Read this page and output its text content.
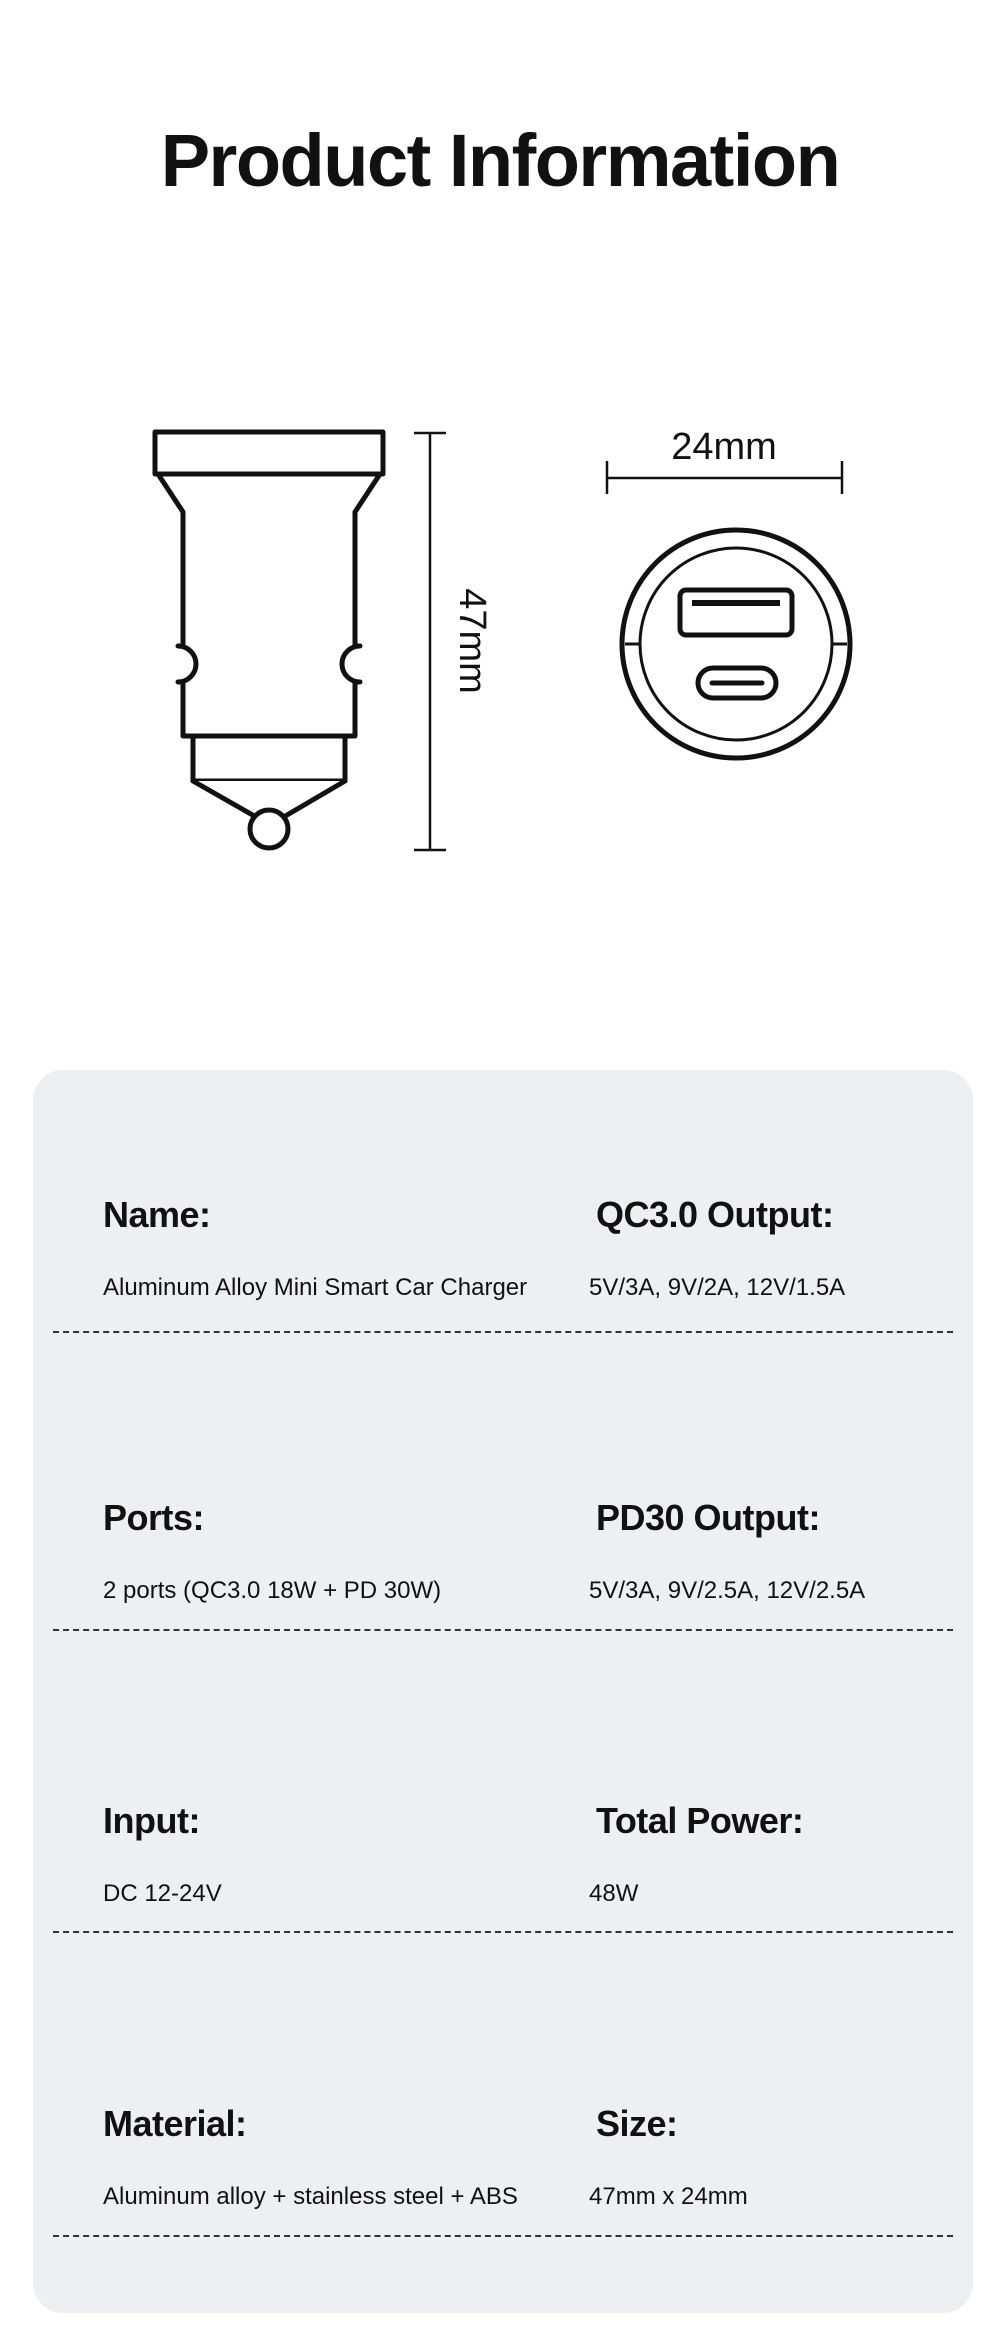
Product Information
47mm
24mm
Name:
Aluminum Alloy Mini Smart Car Charger
QC3.0 Output:
5V/3A, 9V/2A, 12V/1.5A
Ports:
2 ports (QC3.0 18W + PD 30W)
PD30 Output:
5V/3A, 9V/2.5A, 12V/2.5A
Input:
DC 12-24V
Total Power:
48W
Material:
Aluminum alloy + stainless steel + ABS
Size:
47mm x 24mm
